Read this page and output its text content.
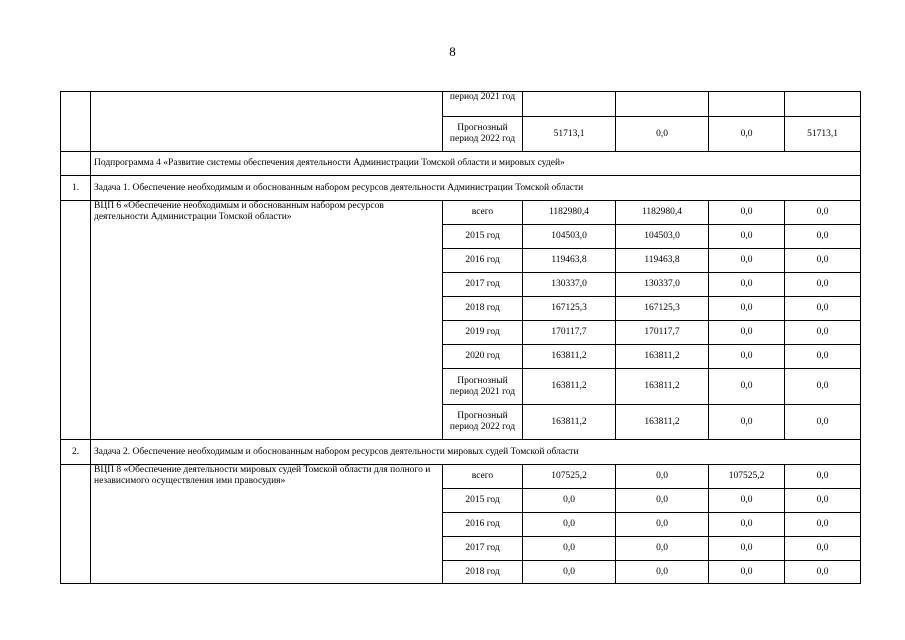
8
		период 2021 год				
		Прогнозный период 2022 год	51713,1	0,0	0,0	51713,1
	Подпрограмма 4 «Развитие системы обеспечения деятельности Администрации Томской области и мировых судей»					
1.	Задача 1. Обеспечение необходимым и обоснованным набором ресурсов деятельности Администрации Томской области					
	ВЦП 6 «Обеспечение необходимым и обоснованным набором ресурсов деятельности Администрации Томской области»	всего	1182980,4	1182980,4	0,0	0,0
		2015 год	104503,0	104503,0	0,0	0,0
		2016 год	119463,8	119463,8	0,0	0,0
		2017 год	130337,0	130337,0	0,0	0,0
		2018 год	167125,3	167125,3	0,0	0,0
		2019 год	170117,7	170117,7	0,0	0,0
		2020 год	163811,2	163811,2	0,0	0,0
		Прогнозный период 2021 год	163811,2	163811,2	0,0	0,0
		Прогнозный период 2022 год	163811,2	163811,2	0,0	0,0
2.	Задача 2. Обеспечение необходимым и обоснованным набором ресурсов деятельности мировых судей Томской области					
	ВЦП 8 «Обеспечение деятельности мировых судей Томской области для полного и независимого осуществления ими правосудия»	всего	107525,2	0,0	107525,2	0,0
		2015 год	0,0	0,0	0,0	0,0
		2016 год	0,0	0,0	0,0	0,0
		2017 год	0,0	0,0	0,0	0,0
		2018 год	0,0	0,0	0,0	0,0
